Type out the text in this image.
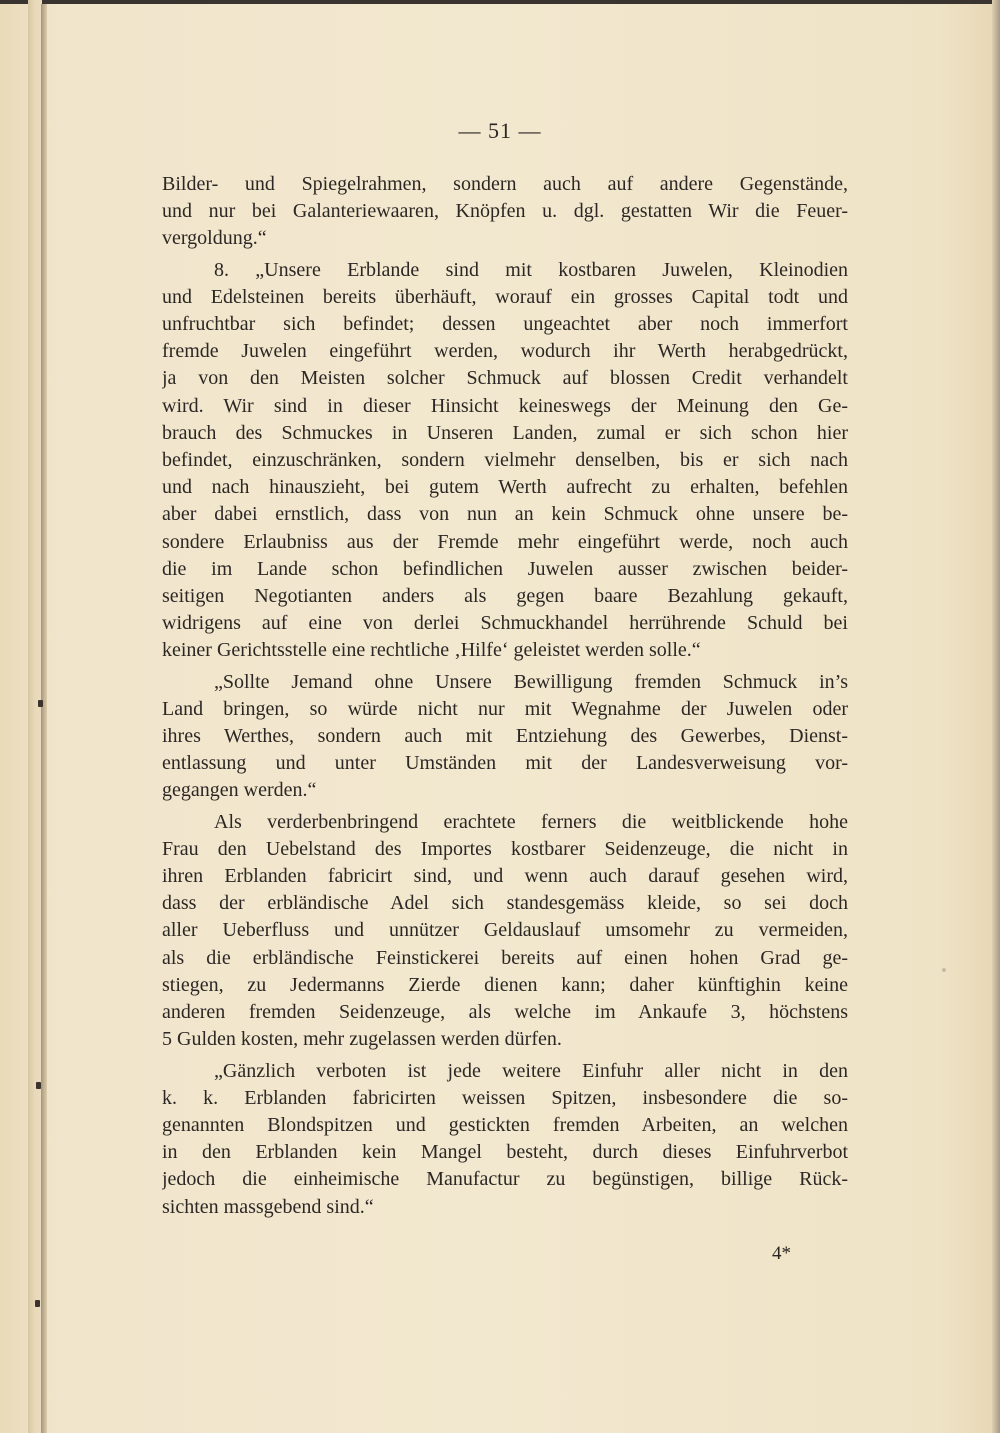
— 51 —
Bilder- und Spiegelrahmen, sondern auch auf andere Gegenstände,
und nur bei Galanteriewaaren, Knöpfen u. dgl. gestatten Wir die Feuer-
vergoldung.“
8. „Unsere Erblande sind mit kostbaren Juwelen, Kleinodien
und Edelsteinen bereits überhäuft, worauf ein grosses Capital todt und
unfruchtbar sich befindet; dessen ungeachtet aber noch immerfort
fremde Juwelen eingeführt werden, wodurch ihr Werth herabgedrückt,
ja von den Meisten solcher Schmuck auf blossen Credit verhandelt
wird. Wir sind in dieser Hinsicht keineswegs der Meinung den Ge-
brauch des Schmuckes in Unseren Landen, zumal er sich schon hier
befindet, einzuschränken, sondern vielmehr denselben, bis er sich nach
und nach hinauszieht, bei gutem Werth aufrecht zu erhalten, befehlen
aber dabei ernstlich, dass von nun an kein Schmuck ohne unsere be-
sondere Erlaubniss aus der Fremde mehr eingeführt werde, noch auch
die im Lande schon befindlichen Juwelen ausser zwischen beider-
seitigen Negotianten anders als gegen baare Bezahlung gekauft,
widrigens auf eine von derlei Schmuckhandel herrührende Schuld bei
keiner Gerichtsstelle eine rechtliche ‚Hilfe‘ geleistet werden solle.“
„Sollte Jemand ohne Unsere Bewilligung fremden Schmuck in’s
Land bringen, so würde nicht nur mit Wegnahme der Juwelen oder
ihres Werthes, sondern auch mit Entziehung des Gewerbes, Dienst-
entlassung und unter Umständen mit der Landesverweisung vor-
gegangen werden.“
Als verderbenbringend erachtete ferners die weitblickende hohe
Frau den Uebelstand des Importes kostbarer Seidenzeuge, die nicht in
ihren Erblanden fabricirt sind, und wenn auch darauf gesehen wird,
dass der erbländische Adel sich standesgemäss kleide, so sei doch
aller Ueberfluss und unnützer Geldauslauf umsomehr zu vermeiden,
als die erbländische Feinstickerei bereits auf einen hohen Grad ge-
stiegen, zu Jedermanns Zierde dienen kann; daher künftighin keine
anderen fremden Seidenzeuge, als welche im Ankaufe 3, höchstens
5 Gulden kosten, mehr zugelassen werden dürfen.
„Gänzlich verboten ist jede weitere Einfuhr aller nicht in den
k. k. Erblanden fabricirten weissen Spitzen, insbesondere die so-
genannten Blondspitzen und gestickten fremden Arbeiten, an welchen
in den Erblanden kein Mangel besteht, durch dieses Einfuhrverbot
jedoch die einheimische Manufactur zu begünstigen, billige Rück-
sichten massgebend sind.“
4*
